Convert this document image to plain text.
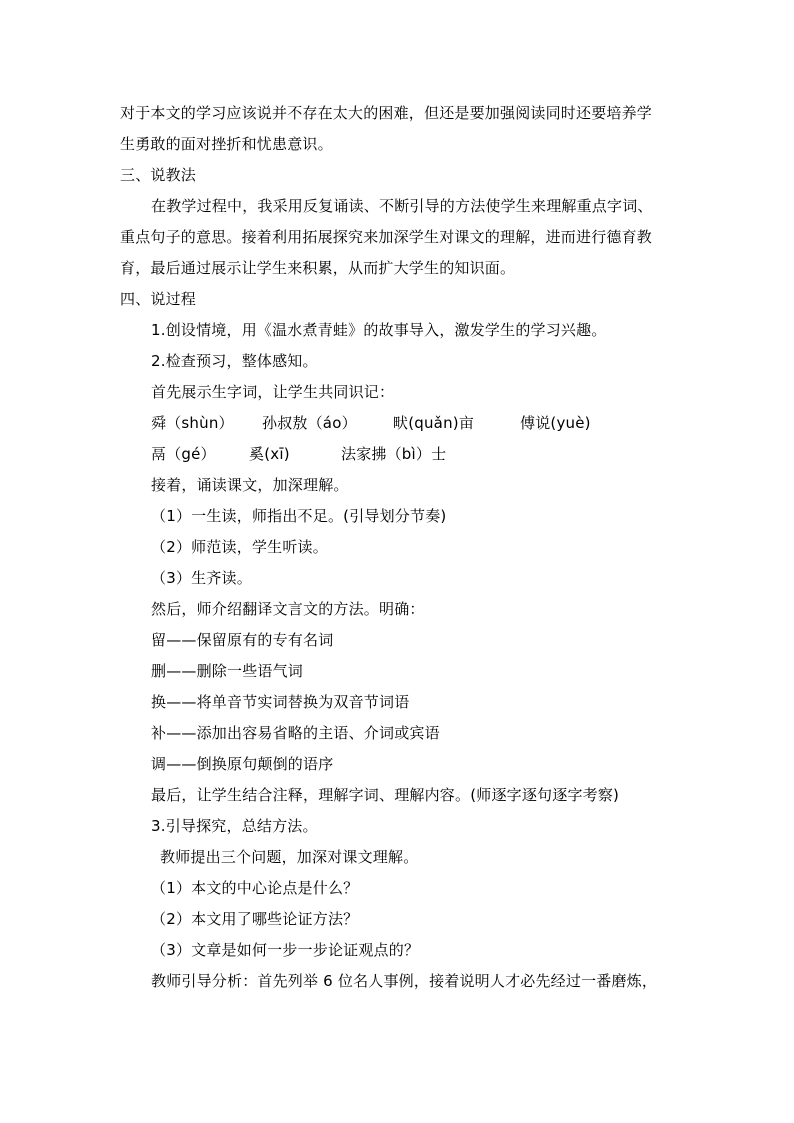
对于本文的学习应该说并不存在太大的困难，但还是要加强阅读同时还要培养学
生勇敢的面对挫折和忧患意识。
三、说教法
在教学过程中，我采用反复诵读、不断引导的方法使学生来理解重点字词、
重点句子的意思。接着利用拓展探究来加深学生对课文的理解，进而进行德育教
育，最后通过展示让学生来积累，从而扩大学生的知识面。
四、说过程
1.创设情境，用《温水煮青蛙》的故事导入，激发学生的学习兴趣。
2.检查预习，整体感知。
首先展示生字词，让学生共同识记：
舜（shùn） 孙叔敖（áo） 畎(quǎn)亩	傅说(yuè)
鬲（gé） 奚(xī)	法家拂（bì）士
接着，诵读课文，加深理解。
（1）一生读，师指出不足。(引导划分节奏)
（2）师范读，学生听读。
（3）生齐读。
然后，师介绍翻译文言文的方法。明确：
留——保留原有的专有名词
删——删除一些语气词
换——将单音节实词替换为双音节词语
补——添加出容易省略的主语、介词或宾语
调——倒换原句颠倒的语序
最后，让学生结合注释，理解字词、理解内容。(师逐字逐句逐字考察)
3.引导探究，总结方法。
教师提出三个问题，加深对课文理解。
（1）本文的中心论点是什么？
（2）本文用了哪些论证方法？
（3）文章是如何一步一步论证观点的？
教师引导分析：首先列举 6 位名人事例，接着说明人才必先经过一番磨炼，
